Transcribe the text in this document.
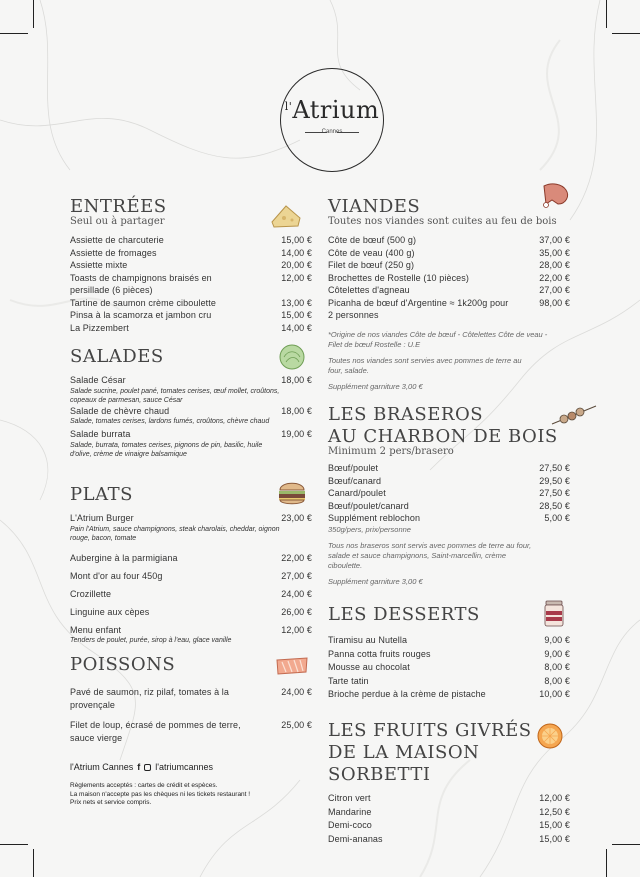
$^{l'}$Atrium
Cannes
ENTRÉES
Seul ou à partager
Assiette de charcuterie	15,00 €
Assiette de fromages	14,00 €
Assiette mixte	20,00 €
Toasts de champignons braisés en persillade (6 pièces)
12,00 €
Tartine de saumon crème ciboulette	13,00 €
Pinsa à la scamorza et jambon cru	15,00 €
La Pizzembert	14,00 €
SALADES
Salade César	18,00 €
Salade sucrine, poulet pané, tomates cerises, œuf mollet, croûtons, copeaux de parmesan, sauce César
Salade de chèvre chaud	18,00 €
Salade, tomates cerises, lardons fumés, croûtons, chèvre chaud
Salade burrata	19,00 €
Salade, burrata, tomates cerises, pignons de pin, basilic, huile d'olive, crème de vinaigre balsamique
PLATS
L'Atrium Burger	23,00 €
Pain l'Atrium, sauce champignons, steak charolais, cheddar, oignon rouge, bacon, tomate
Aubergine à la parmigiana	22,00 €
Mont d'or au four 450g	27,00 €
Crozillette	24,00 €
Linguine aux cèpes	26,00 €
Menu enfant	12,00 €
Tenders de poulet, purée, sirop à l'eau, glace vanille
POISSONS
Pavé de saumon, riz pilaf, tomates à la provençale
24,00 €
Filet de loup, écrasé de pommes de terre, sauce vierge
25,00 €
l'Atrium Cannes f l'atriumcannes
Règlements acceptés : cartes de crédit et espèces.
La maison n'accepte pas les chèques ni les tickets restaurant !
Prix nets et service compris.
VIANDES
Toutes nos viandes sont cuites au feu de bois
Côte de bœuf (500 g)	37,00 €
Côte de veau (400 g)	35,00 €
Filet de bœuf (250 g)	28,00 €
Brochettes de Rostelle (10 pièces)	22,00 €
Côtelettes d'agneau	27,00 €
Picanha de bœuf d'Argentine ≈ 1k200g pour 2 personnes
98,00 €
*Origine de nos viandes Côte de bœuf - Côtelettes Côte de veau - Filet de bœuf Rostelle : U.E
Toutes nos viandes sont servies avec pommes de terre au four, salade.
Supplément garniture 3,00 €
LES BRASEROS
AU CHARBON DE BOIS
Minimum 2 pers/brasero
Bœuf/poulet	27,50 €
Bœuf/canard	29,50 €
Canard/poulet	27,50 €
Bœuf/poulet/canard	28,50 €
Supplément reblochon	5,00 €
350g/pers, prix/personne
Tous nos braseros sont servis avec pommes de terre au four, salade et sauce champignons, Saint-marcellin, crème ciboulette.
Supplément garniture 3,00 €
LES DESSERTS
Tiramisu au Nutella	9,00 €
Panna cotta fruits rouges	9,00 €
Mousse au chocolat	8,00 €
Tarte tatin	8,00 €
Brioche perdue à la crème de pistache	10,00 €
LES FRUITS GIVRÉS
DE LA MAISON SORBETTI
Citron vert	12,00 €
Mandarine	12,50 €
Demi-coco	15,00 €
Demi-ananas	15,00 €
